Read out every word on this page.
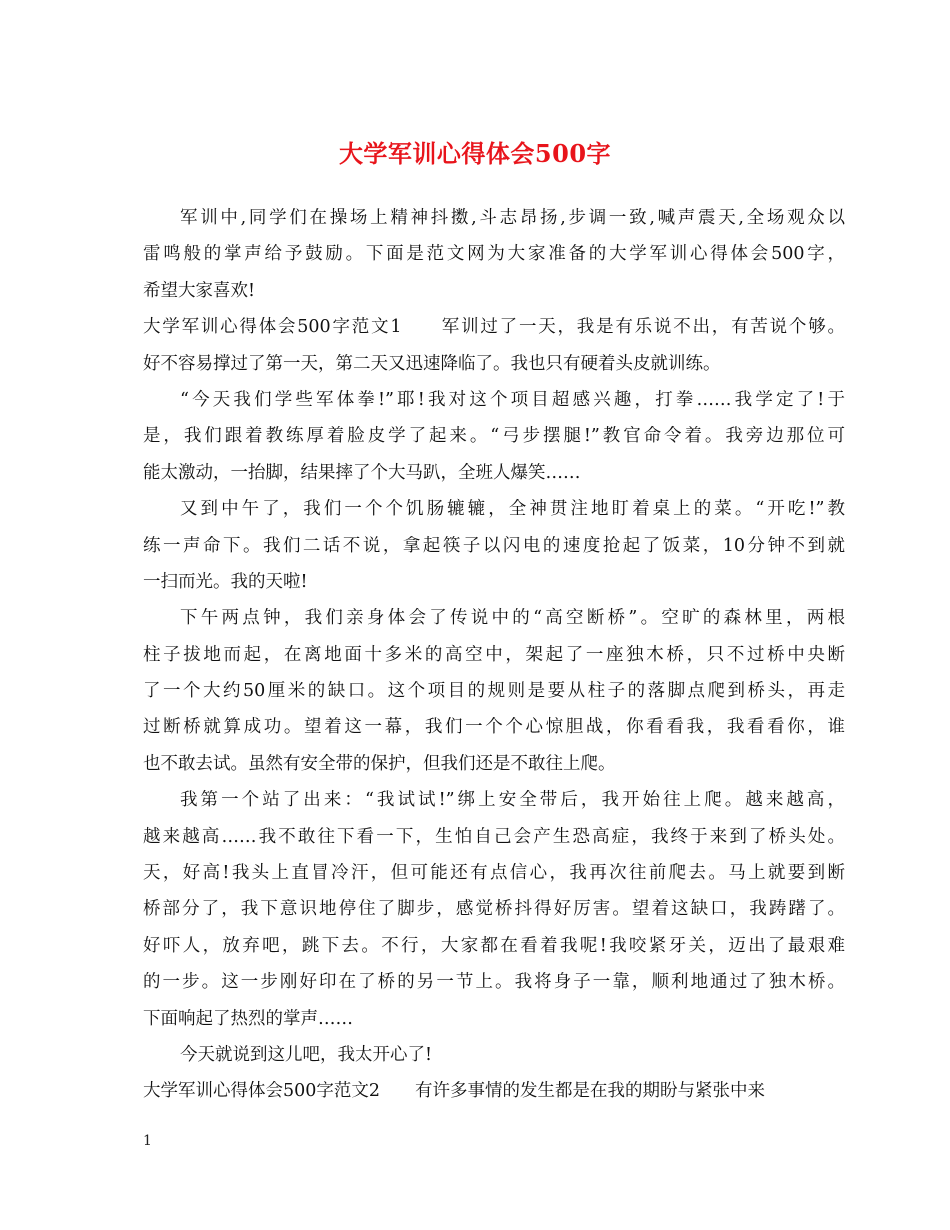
大学军训心得体会500字
军训中,同学们在操场上精神抖擞,斗志昂扬,步调一致,喊声震天,全场观众以
雷鸣般的掌声给予鼓励。下面是范文网为大家准备的大学军训心得体会500字，
希望大家喜欢!
大学军训心得体会500字范文1　　军训过了一天，我是有乐说不出，有苦说个够。
好不容易撑过了第一天，第二天又迅速降临了。我也只有硬着头皮就训练。
“今天我们学些军体拳!”耶!我对这个项目超感兴趣，打拳……我学定了!于
是，我们跟着教练厚着脸皮学了起来。“弓步摆腿!”教官命令着。我旁边那位可
能太激动，一抬脚，结果摔了个大马趴，全班人爆笑……
又到中午了，我们一个个饥肠辘辘，全神贯注地盯着桌上的菜。“开吃!”教
练一声命下。我们二话不说，拿起筷子以闪电的速度抢起了饭菜，10分钟不到就
一扫而光。我的天啦!
下午两点钟，我们亲身体会了传说中的“高空断桥”。空旷的森林里，两根
柱子拔地而起，在离地面十多米的高空中，架起了一座独木桥，只不过桥中央断
了一个大约50厘米的缺口。这个项目的规则是要从柱子的落脚点爬到桥头，再走
过断桥就算成功。望着这一幕，我们一个个心惊胆战，你看看我，我看看你，谁
也不敢去试。虽然有安全带的保护，但我们还是不敢往上爬。
我第一个站了出来：“我试试!”绑上安全带后，我开始往上爬。越来越高，
越来越高……我不敢往下看一下，生怕自己会产生恐高症，我终于来到了桥头处。
天，好高!我头上直冒冷汗，但可能还有点信心，我再次往前爬去。马上就要到断
桥部分了，我下意识地停住了脚步，感觉桥抖得好厉害。望着这缺口，我踌躇了。
好吓人，放弃吧，跳下去。不行，大家都在看着我呢!我咬紧牙关，迈出了最艰难
的一步。这一步刚好印在了桥的另一节上。我将身子一靠，顺利地通过了独木桥。
下面响起了热烈的掌声……
今天就说到这儿吧，我太开心了!
大学军训心得体会500字范文2　　有许多事情的发生都是在我的期盼与紧张中来
1
